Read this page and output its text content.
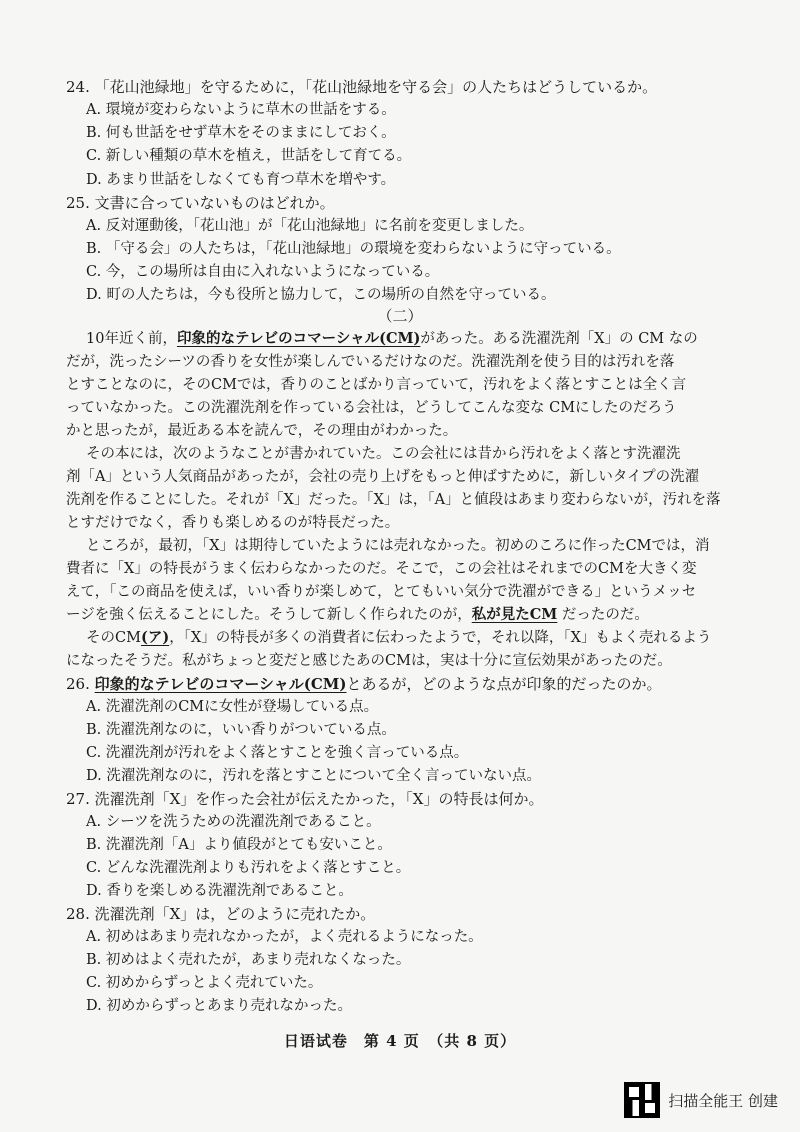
24. 「花山池緑地」を守るために，「花山池緑地を守る会」の人たちはどうしているか。
A. 環境が変わらないように草木の世話をする。
B. 何も世話をせず草木をそのままにしておく。
C. 新しい種類の草木を植え，世話をして育てる。
D. あまり世話をしなくても育つ草木を増やす。
25. 文書に合っていないものはどれか。
A. 反対運動後，「花山池」が「花山池緑地」に名前を変更しました。
B. 「守る会」の人たちは，「花山池緑地」の環境を変わらないように守っている。
C. 今，この場所は自由に入れないようになっている。
D. 町の人たちは，今も役所と協力して，この場所の自然を守っている。
（二）
10年近く前，印象的なテレビのコマーシャル(CM)があった。ある洗濯洗剤「X」の CM なの
だが，洗ったシーツの香りを女性が楽しんでいるだけなのだ。洗濯洗剤を使う目的は汚れを落
とすことなのに，そのCMでは，香りのことばかり言っていて，汚れをよく落とすことは全く言
っていなかった。この洗濯洗剤を作っている会社は，どうしてこんな変な CMにしたのだろう
かと思ったが，最近ある本を読んで，その理由がわかった。
その本には，次のようなことが書かれていた。この会社には昔から汚れをよく落とす洗濯洗
剤「A」という人気商品があったが，会社の売り上げをもっと伸ばすために，新しいタイプの洗濯
洗剤を作ることにした。それが「X」だった。「X」は，「A」と値段はあまり変わらないが，汚れを落
とすだけでなく，香りも楽しめるのが特長だった。
ところが，最初，「X」は期待していたようには売れなかった。初めのころに作ったCMでは，消
費者に「X」の特長がうまく伝わらなかったのだ。そこで，この会社はそれまでのCMを大きく変
えて，「この商品を使えば，いい香りが楽しめて，とてもいい気分で洗濯ができる」というメッセ
ージを強く伝えることにした。そうして新しく作られたのが，私が見たCM だったのだ。
そのCM(ア)，「X」の特長が多くの消費者に伝わったようで，それ以降，「X」もよく売れるよう
になったそうだ。私がちょっと変だと感じたあのCMは，実は十分に宣伝効果があったのだ。
26. 印象的なテレビのコマーシャル(CM)とあるが，どのような点が印象的だったのか。
A. 洗濯洗剤のCMに女性が登場している点。
B. 洗濯洗剤なのに，いい香りがついている点。
C. 洗濯洗剤が汚れをよく落とすことを強く言っている点。
D. 洗濯洗剤なのに，汚れを落とすことについて全く言っていない点。
27. 洗濯洗剤「X」を作った会社が伝えたかった，「X」の特長は何か。
A. シーツを洗うための洗濯洗剤であること。
B. 洗濯洗剤「A」より値段がとても安いこと。
C. どんな洗濯洗剤よりも汚れをよく落とすこと。
D. 香りを楽しめる洗濯洗剤であること。
28. 洗濯洗剤「X」は，どのように売れたか。
A. 初めはあまり売れなかったが，よく売れるようになった。
B. 初めはよく売れたが，あまり売れなくなった。
C. 初めからずっとよく売れていた。
D. 初めからずっとあまり売れなかった。
日语试卷　第 4 页　（共 8 页）
扫描全能王 创建
